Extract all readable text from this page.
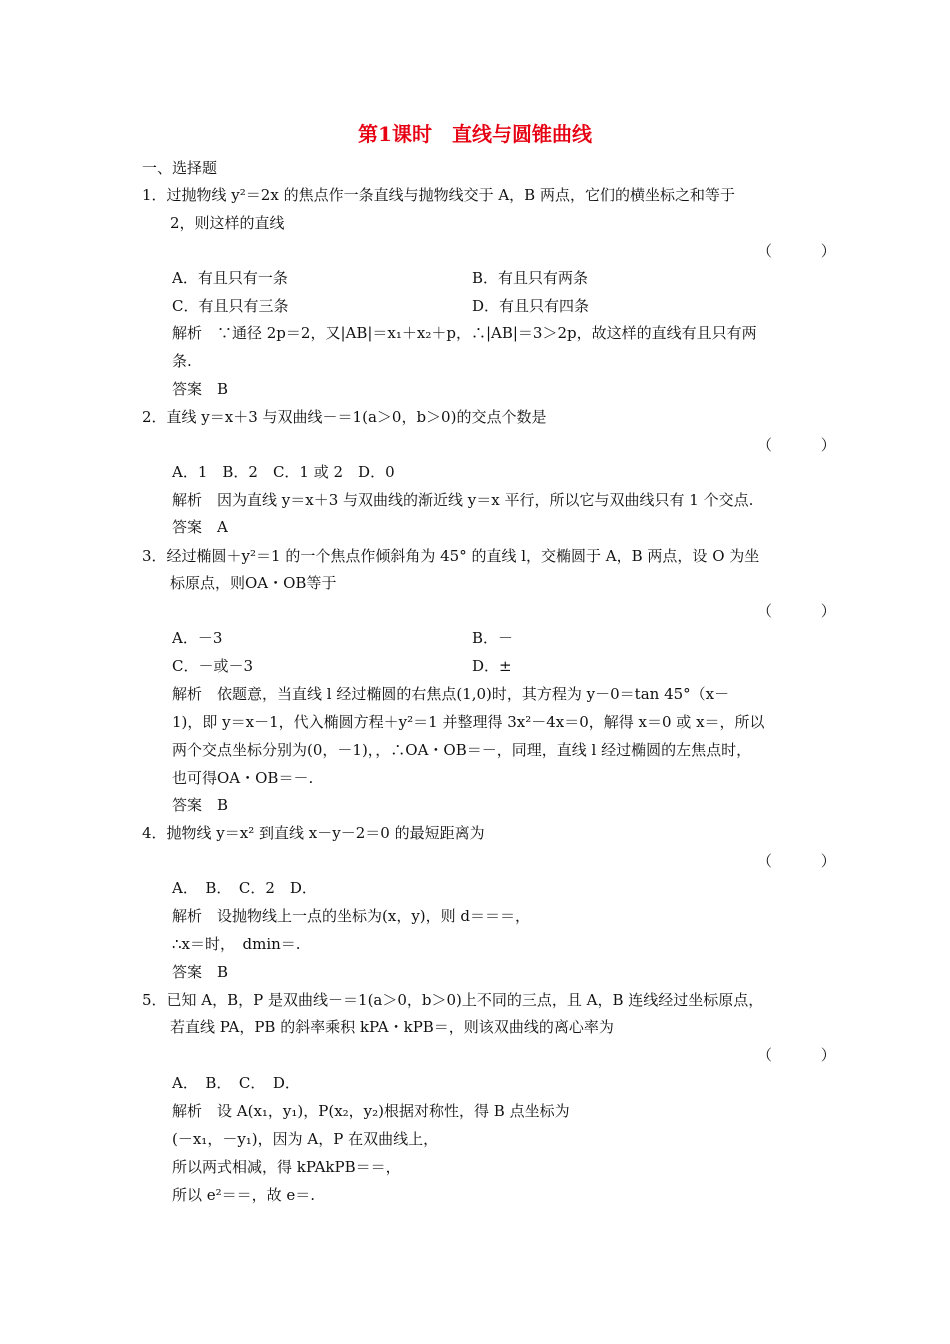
第1课时　直线与圆锥曲线
一、选择题
1．过抛物线 y²＝2x 的焦点作一条直线与抛物线交于 A，B 两点，它们的横坐标之和等于
2，则这样的直线
（ ）
A．有且只有一条	B．有且只有两条
C．有且只有三条	D．有且只有四条
解析　∵通径 2p＝2，又|AB|＝x₁＋x₂＋p，∴|AB|＝3＞2p，故这样的直线有且只有两
条.
答案　B
2．直线 y＝x＋3 与双曲线－＝1(a＞0，b＞0)的交点个数是
（ ）
A．1　B．2　C．1 或 2　D．0
解析　因为直线 y＝x＋3 与双曲线的渐近线 y＝x 平行，所以它与双曲线只有 1 个交点.
答案　A
3．经过椭圆＋y²＝1 的一个焦点作倾斜角为 45° 的直线 l，交椭圆于 A，B 两点，设 O 为坐
标原点，则OA・OB等于
（ ）
A．－3	B．－
C．－或－3	D．±
解析　依题意，当直线 l 经过椭圆的右焦点(1,0)时，其方程为 y－0＝tan 45°（x－
1)，即 y＝x－1，代入椭圆方程＋y²＝1 并整理得 3x²－4x＝0，解得 x＝0 或 x＝，所以
两个交点坐标分别为(0，－1)，，∴OA・OB＝－，同理，直线 l 经过椭圆的左焦点时，
也可得OA・OB＝－.
答案　B
4．抛物线 y＝x² 到直线 x－y－2＝0 的最短距离为
（ ）
A．　B．　C．2　D．
解析　设抛物线上一点的坐标为(x，y)，则 d＝＝＝，
∴x＝时，　dmin＝.
答案　B
5．已知 A，B，P 是双曲线－＝1(a＞0，b＞0)上不同的三点，且 A，B 连线经过坐标原点，
若直线 PA，PB 的斜率乘积 kPA・kPB＝，则该双曲线的离心率为
（ ）
A．　B．　C．　D．
解析　设 A(x₁，y₁)，P(x₂，y₂)根据对称性，得 B 点坐标为
(－x₁，－y₁)，因为 A，P 在双曲线上，
所以两式相减，得 kPAkPB＝＝，
所以 e²＝＝，故 e＝.
